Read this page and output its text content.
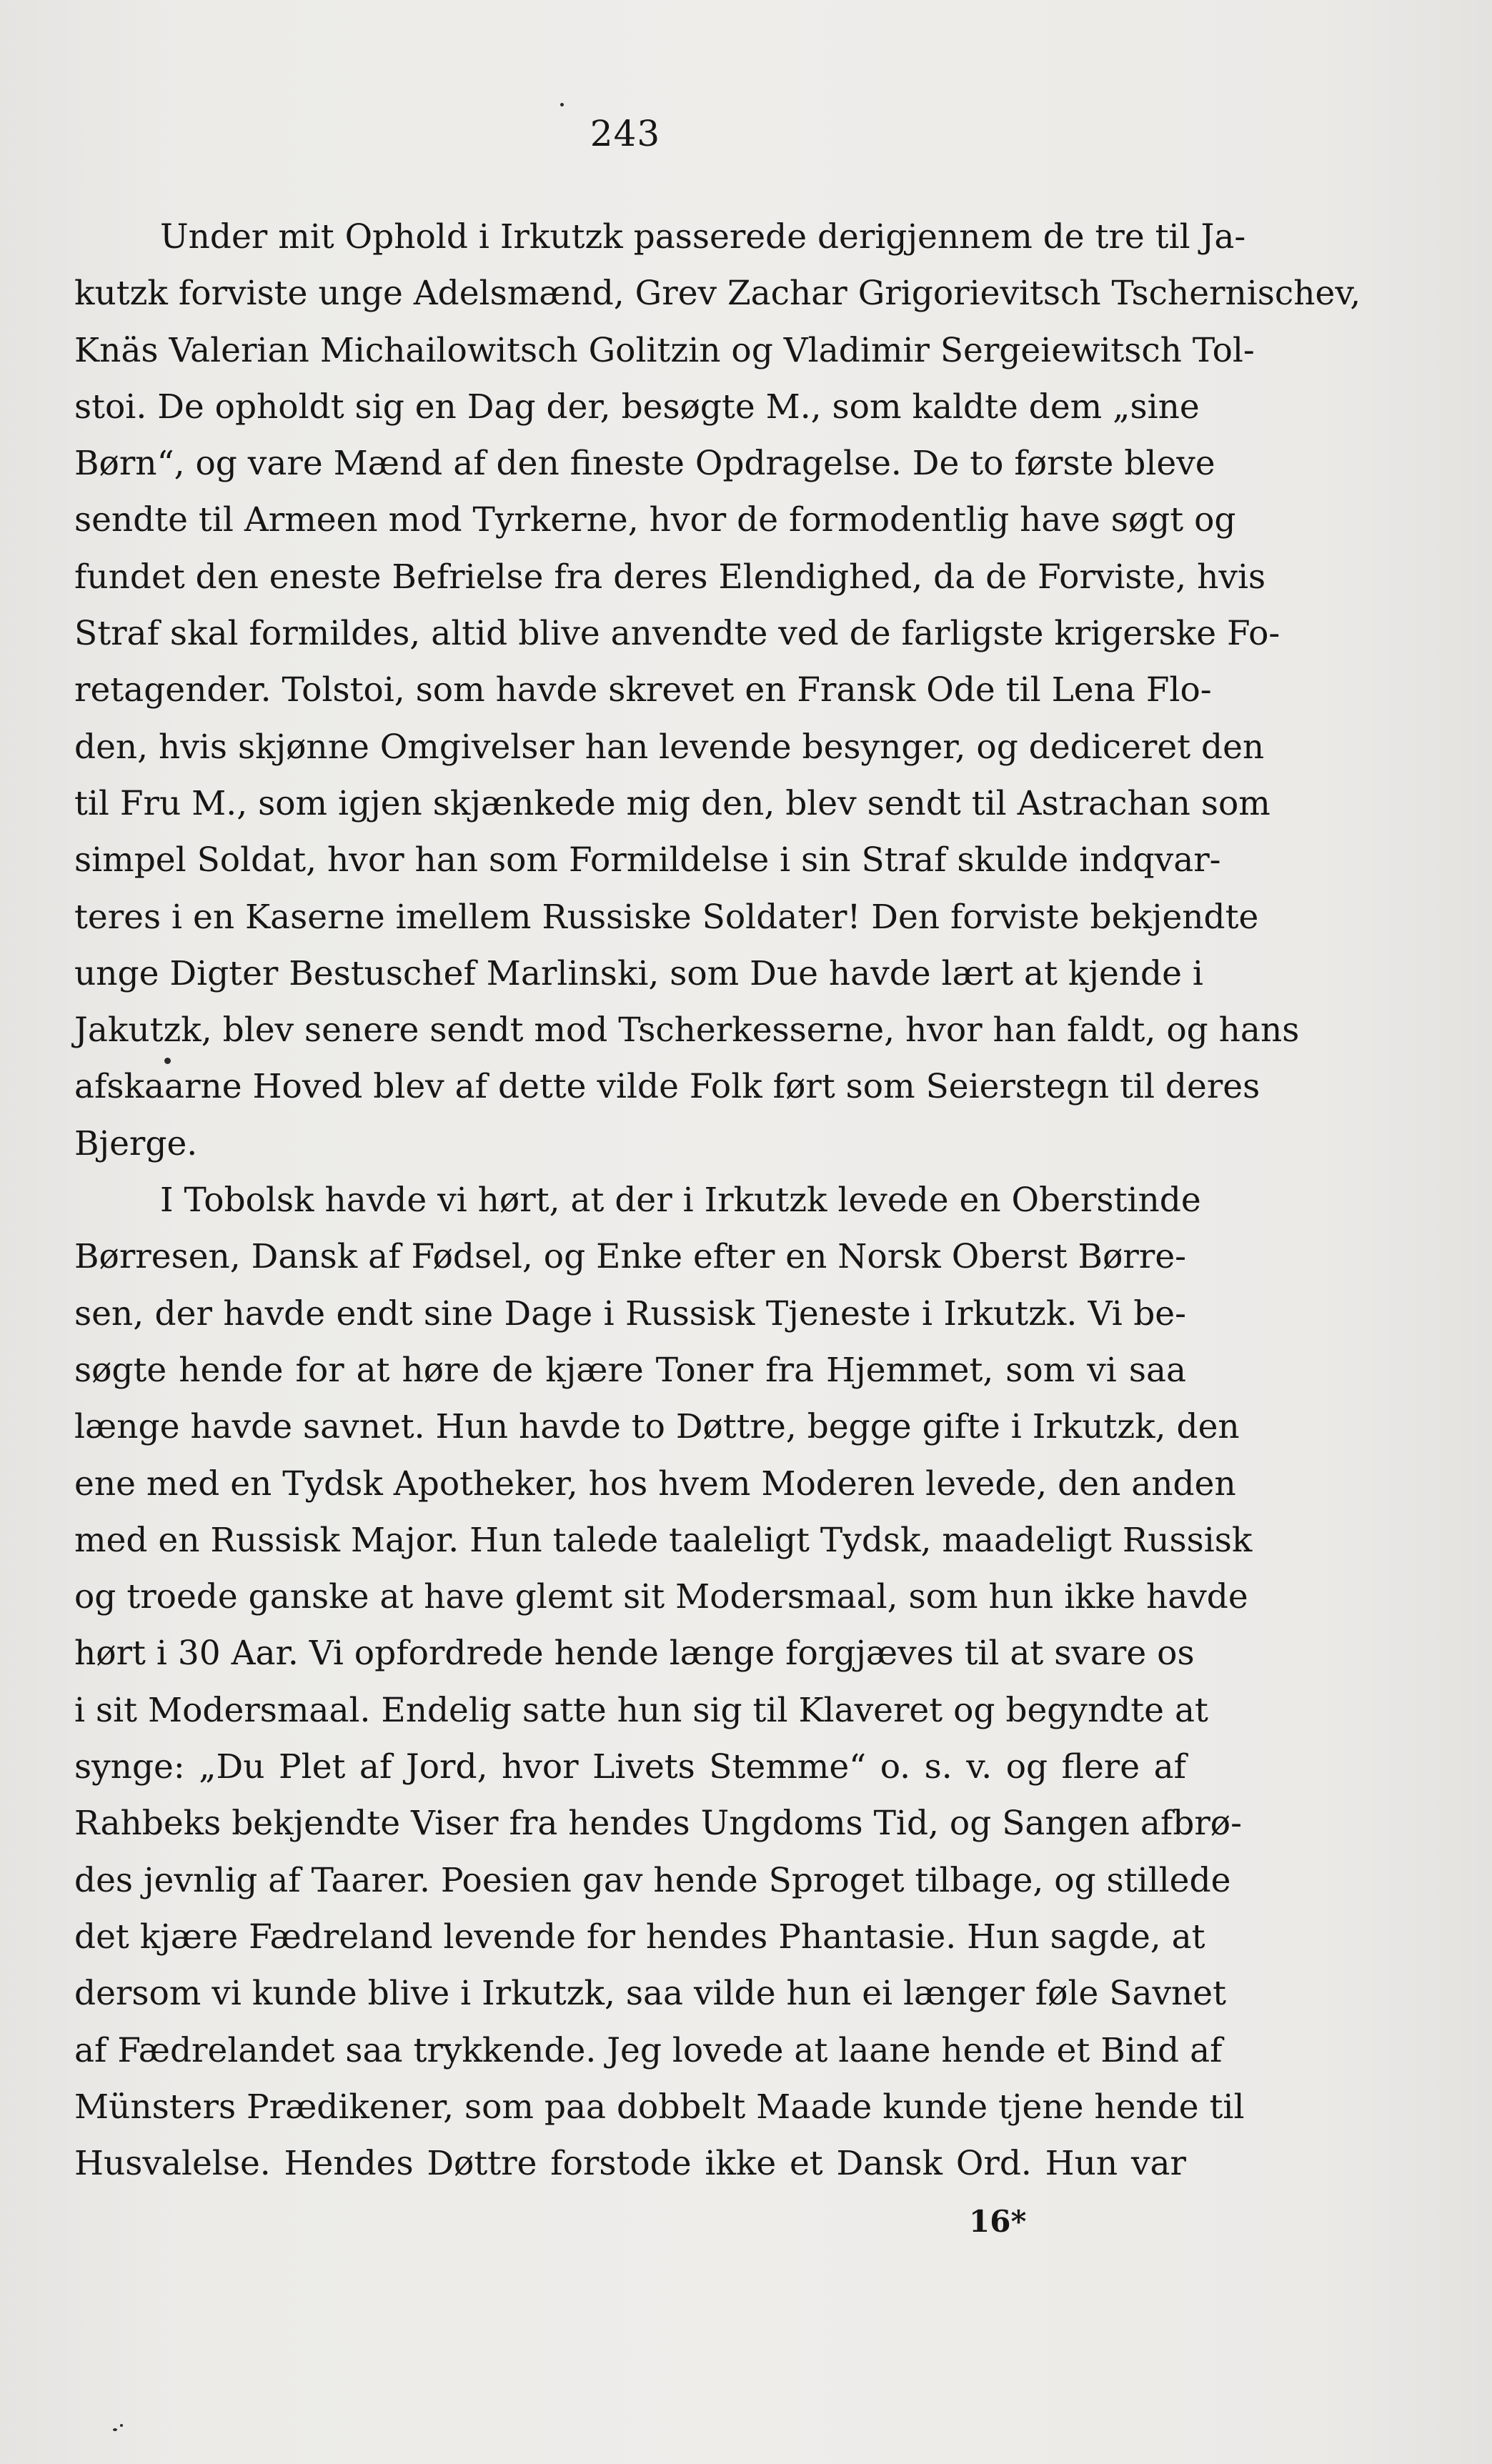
243
Under mit Ophold i Irkutzk passerede derigjennem de tre til Ja-
kutzk forviste unge Adelsmænd, Grev Zachar Grigorievitsch Tschernischev,
Knäs Valerian Michailowitsch Golitzin og Vladimir Sergeiewitsch Tol-
stoi. De opholdt sig en Dag der, besøgte M., som kaldte dem „sine
Børn“, og vare Mænd af den fineste Opdragelse. De to første bleve
sendte til Armeen mod Tyrkerne, hvor de formodentlig have søgt og
fundet den eneste Befrielse fra deres Elendighed, da de Forviste, hvis
Straf skal formildes, altid blive anvendte ved de farligste krigerske Fo-
retagender. Tolstoi, som havde skrevet en Fransk Ode til Lena Flo-
den, hvis skjønne Omgivelser han levende besynger, og dediceret den
til Fru M., som igjen skjænkede mig den, blev sendt til Astrachan som
simpel Soldat, hvor han som Formildelse i sin Straf skulde indqvar-
teres i en Kaserne imellem Russiske Soldater! Den forviste bekjendte
unge Digter Bestuschef Marlinski, som Due havde lært at kjende i
Jakutzk, blev senere sendt mod Tscherkesserne, hvor han faldt, og hans
afskaarne Hoved blev af dette vilde Folk ført som Seierstegn til deres
Bjerge.
I Tobolsk havde vi hørt, at der i Irkutzk levede en Oberstinde
Børresen, Dansk af Fødsel, og Enke efter en Norsk Oberst Børre-
sen, der havde endt sine Dage i Russisk Tjeneste i Irkutzk. Vi be-
søgte hende for at høre de kjære Toner fra Hjemmet, som vi saa
længe havde savnet. Hun havde to Døttre, begge gifte i Irkutzk, den
ene med en Tydsk Apotheker, hos hvem Moderen levede, den anden
med en Russisk Major. Hun talede taaleligt Tydsk, maadeligt Russisk
og troede ganske at have glemt sit Modersmaal, som hun ikke havde
hørt i 30 Aar. Vi opfordrede hende længe forgjæves til at svare os
i sit Modersmaal. Endelig satte hun sig til Klaveret og begyndte at
synge: „Du Plet af Jord, hvor Livets Stemme“ o. s. v. og flere af
Rahbeks bekjendte Viser fra hendes Ungdoms Tid, og Sangen afbrø-
des jevnlig af Taarer. Poesien gav hende Sproget tilbage, og stillede
det kjære Fædreland levende for hendes Phantasie. Hun sagde, at
dersom vi kunde blive i Irkutzk, saa vilde hun ei længer føle Savnet
af Fædrelandet saa trykkende. Jeg lovede at laane hende et Bind af
Münsters Prædikener, som paa dobbelt Maade kunde tjene hende til
Husvalelse. Hendes Døttre forstode ikke et Dansk Ord. Hun var
16*
